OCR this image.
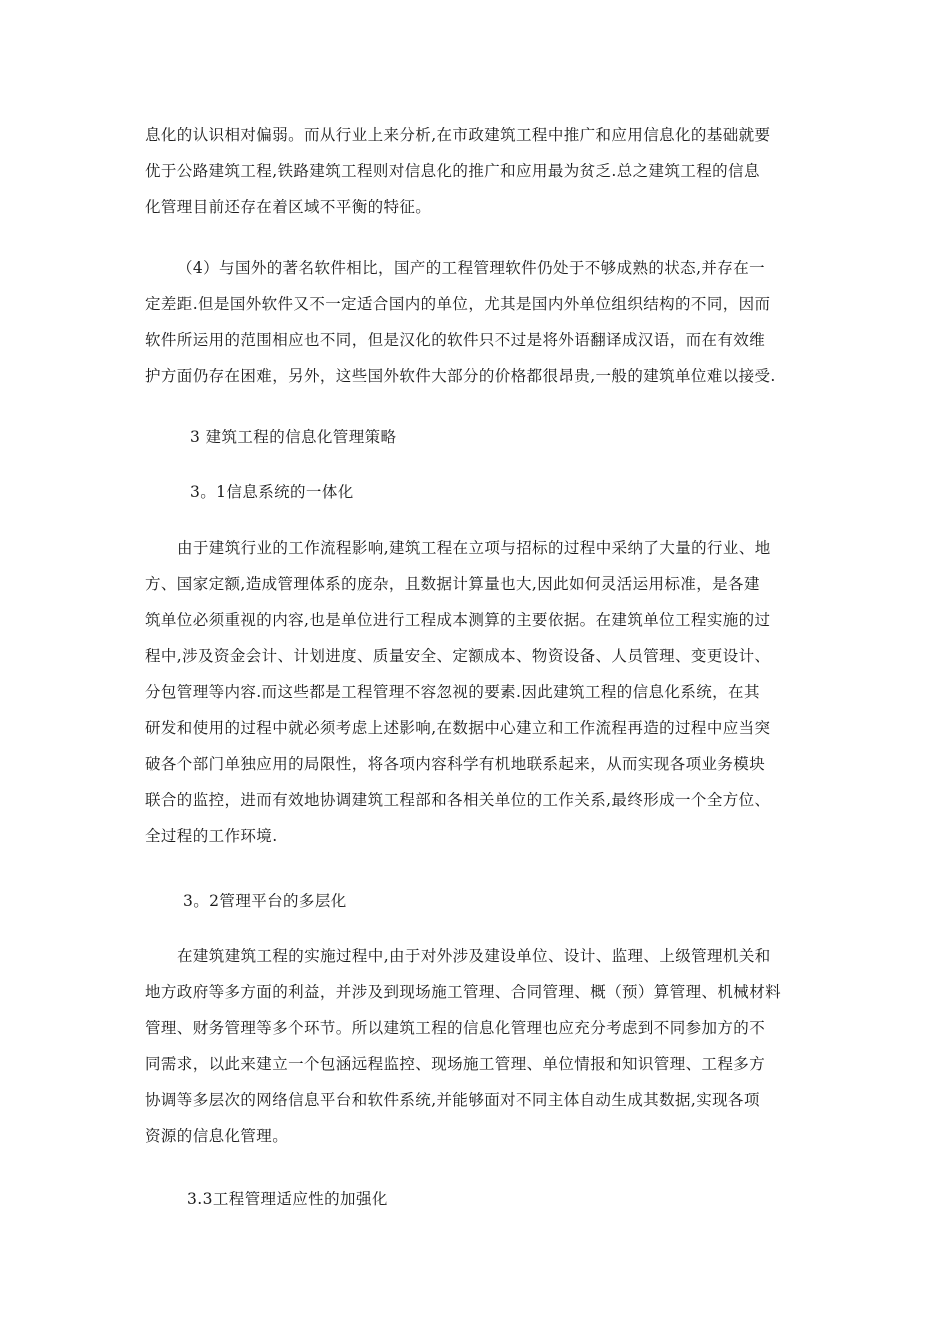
息化的认识相对偏弱。而从行业上来分析,在市政建筑工程中推广和应用信息化的基础就要
优于公路建筑工程,铁路建筑工程则对信息化的推广和应用最为贫乏.总之建筑工程的信息
化管理目前还存在着区域不平衡的特征。
（4）与国外的著名软件相比，国产的工程管理软件仍处于不够成熟的状态,并存在一
定差距.但是国外软件又不一定适合国内的单位，尤其是国内外单位组织结构的不同，因而
软件所运用的范围相应也不同，但是汉化的软件只不过是将外语翻译成汉语，而在有效维
护方面仍存在困难，另外，这些国外软件大部分的价格都很昂贵,一般的建筑单位难以接受.
3 建筑工程的信息化管理策略
3。1信息系统的一体化
由于建筑行业的工作流程影响,建筑工程在立项与招标的过程中采纳了大量的行业、地
方、国家定额,造成管理体系的庞杂，且数据计算量也大,因此如何灵活运用标准，是各建
筑单位必须重视的内容,也是单位进行工程成本测算的主要依据。在建筑单位工程实施的过
程中,涉及资金会计、计划进度、质量安全、定额成本、物资设备、人员管理、变更设计、
分包管理等内容.而这些都是工程管理不容忽视的要素.因此建筑工程的信息化系统，在其
研发和使用的过程中就必须考虑上述影响,在数据中心建立和工作流程再造的过程中应当突
破各个部门单独应用的局限性，将各项内容科学有机地联系起来，从而实现各项业务模块
联合的监控，进而有效地协调建筑工程部和各相关单位的工作关系,最终形成一个全方位、
全过程的工作环境.
3。2管理平台的多层化
在建筑建筑工程的实施过程中,由于对外涉及建设单位、设计、监理、上级管理机关和
地方政府等多方面的利益，并涉及到现场施工管理、合同管理、概（预）算管理、机械材料
管理、财务管理等多个环节。所以建筑工程的信息化管理也应充分考虑到不同参加方的不
同需求，以此来建立一个包涵远程监控、现场施工管理、单位情报和知识管理、工程多方
协调等多层次的网络信息平台和软件系统,并能够面对不同主体自动生成其数据,实现各项
资源的信息化管理。
3.3工程管理适应性的加强化
